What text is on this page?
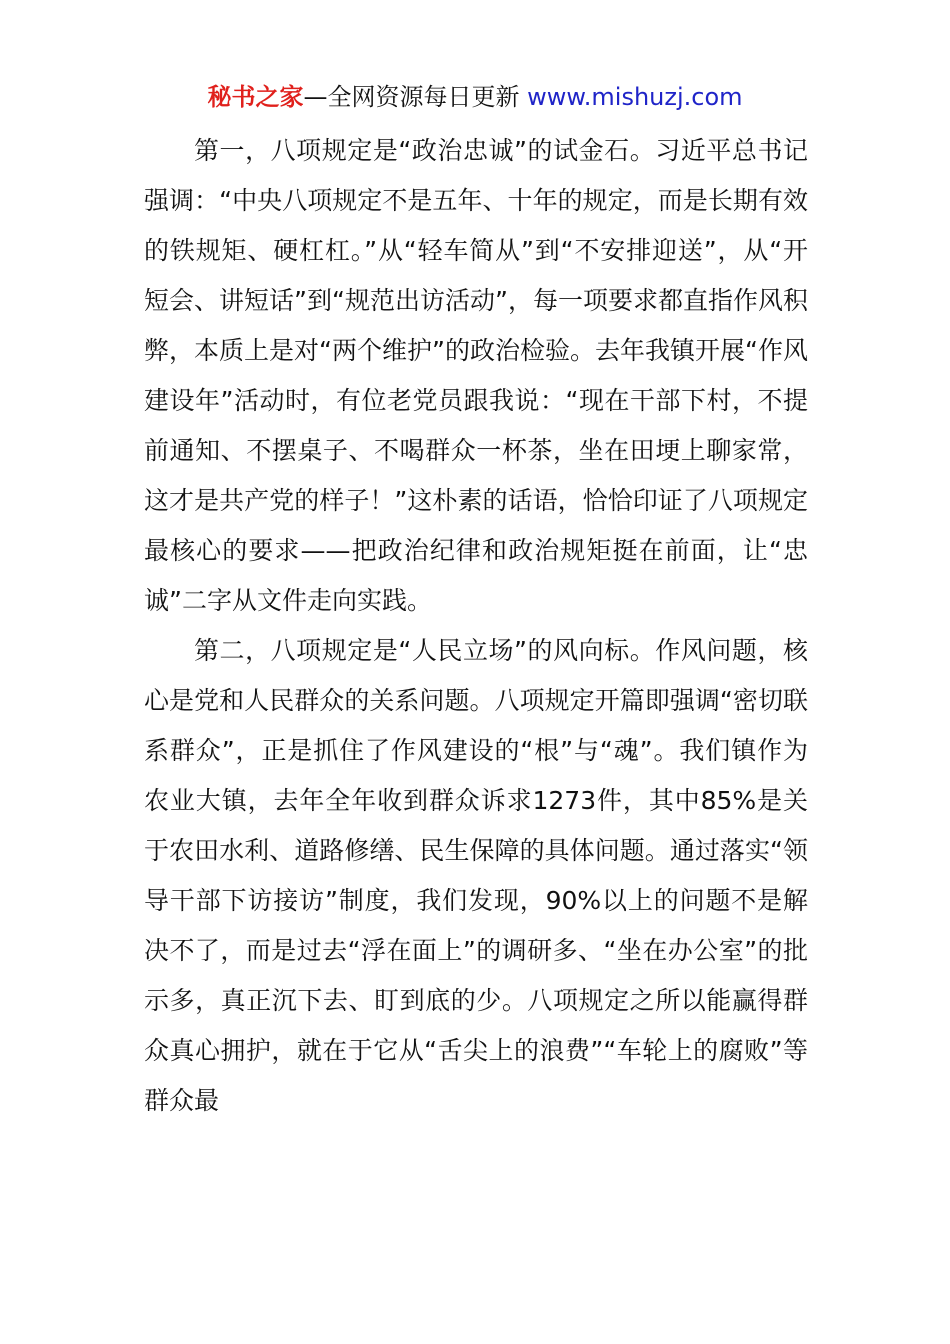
秘书之家—全网资源每日更新 www.mishuzj.com

第一，八项规定是“政治忠诚”的试金石。习近平总书记强调：“中央八项规定不是五年、十年的规定，而是长期有效的铁规矩、硬杠杠。”从“轻车简从”到“不安排迎送”，从“开短会、讲短话”到“规范出访活动”，每一项要求都直指作风积弊，本质上是对“两个维护”的政治检验。去年我镇开展“作风建设年”活动时，有位老党员跟我说：“现在干部下村，不提前通知、不摆桌子、不喝群众一杯茶，坐在田埂上聊家常，这才是共产党的样子！”这朴素的话语，恰恰印证了八项规定最核心的要求——把政治纪律和政治规矩挺在前面，让“忠诚”二字从文件走向实践。

第二，八项规定是“人民立场”的风向标。作风问题，核心是党和人民群众的关系问题。八项规定开篇即强调“密切联系群众”，正是抓住了作风建设的“根”与“魂”。我们镇作为农业大镇，去年全年收到群众诉求1273件，其中85%是关于农田水利、道路修缮、民生保障的具体问题。通过落实“领导干部下访接访”制度，我们发现，90%以上的问题不是解决不了，而是过去“浮在面上”的调研多、“坐在办公室”的批示多，真正沉下去、盯到底的少。八项规定之所以能赢得群众真心拥护，就在于它从“舌尖上的浪费”“车轮上的腐败”等群众最
